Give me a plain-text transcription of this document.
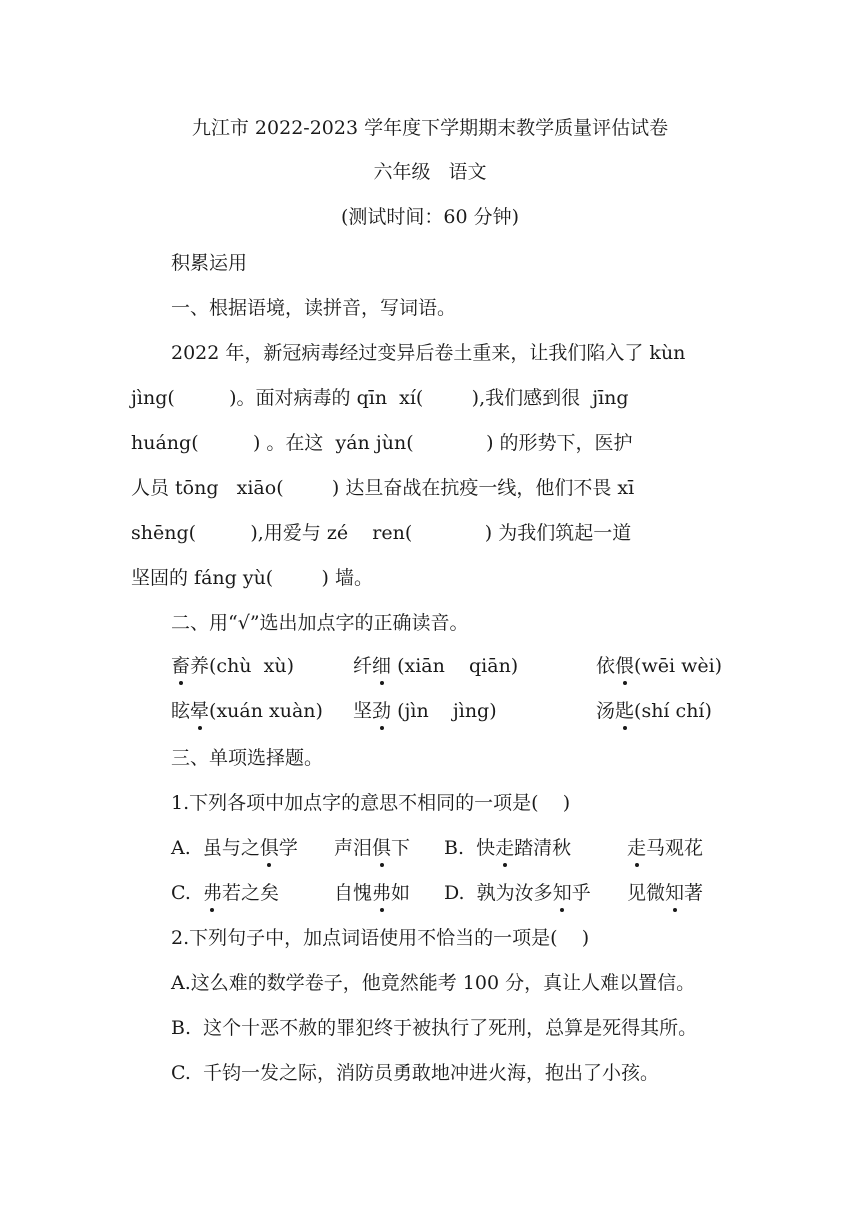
九江市 2022-2023 学年度下学期期末教学质量评估试卷
六年级   语文
(测试时间：60 分钟)
积累运用
一、根据语境，读拼音，写词语。
2022 年，新冠病毒经过变异后卷土重来，让我们陷入了 kùn
jìng(         )。面对病毒的 qīn  xí(        ),我们感到很  jīng
huáng(         ) 。在这  yán jùn(            ) 的形势下，医护
人员 tōng   xiāo(        ) 达旦奋战在抗疫一线，他们不畏 xī
shēng(         ),用爱与 zé    ren(            ) 为我们筑起一道
坚固的 fáng yù(        ) 墙。
二、用“√”选出加点字的正确读音。
畜养(chù  xù)	纤细 (xiān    qiān)	依偎(wēi wèi)
眩晕(xuán xuàn) 坚劲 (jìn    jìng)	汤匙(shí chí)
三、单项选择题。
1.下列各项中加点字的意思不相同的一项是(    )
A.  虽与之俱学 声泪俱下 B.  快走踏清秋	走马观花
C.  弗若之矣	自愧弗如 D.  孰为汝多知乎 见微知著
2.下列句子中，加点词语使用不恰当的一项是(    )
A.这么难的数学卷子，他竟然能考 100 分，真让人难以置信。
B.  这个十恶不赦的罪犯终于被执行了死刑，总算是死得其所。
C.  千钧一发之际，消防员勇敢地冲进火海，抱出了小孩。
